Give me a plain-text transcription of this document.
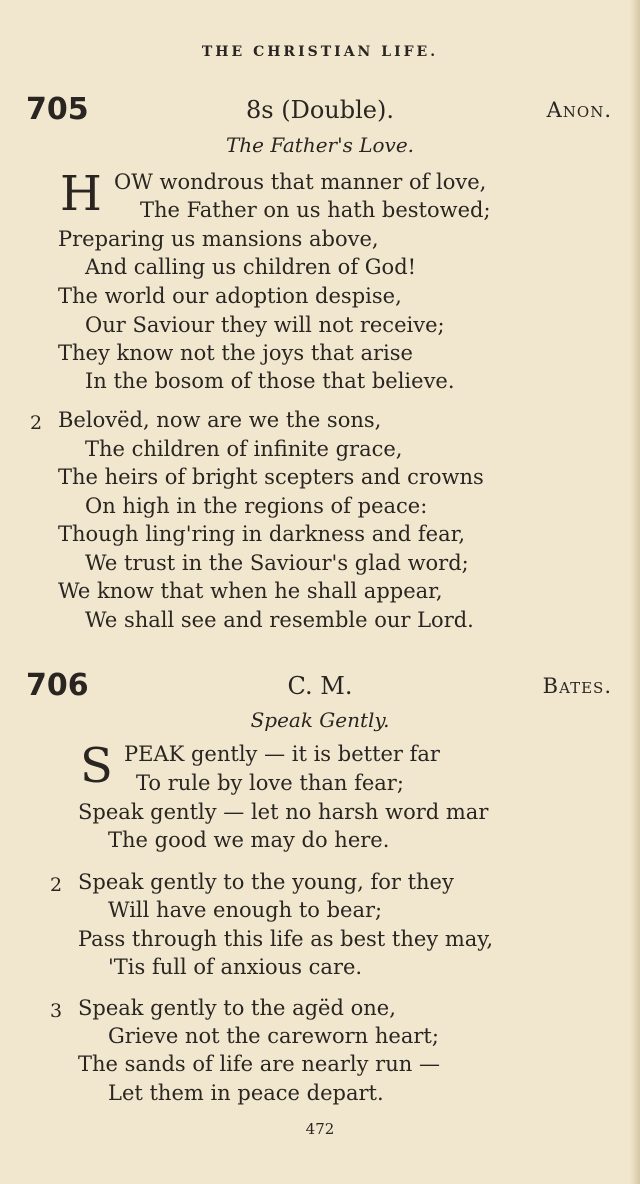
THE CHRISTIAN LIFE.
705	8s (Double).	Anon.
The Father's Love.
H OW wondrous that manner of love,
The Father on us hath bestowed;
Preparing us mansions above,
And calling us children of God!
The world our adoption despise,
Our Saviour they will not receive;
They know not the joys that arise
In the bosom of those that believe.
2 Belovëd, now are we the sons,
The children of infinite grace,
The heirs of bright scepters and crowns
On high in the regions of peace:
Though ling'ring in darkness and fear,
We trust in the Saviour's glad word;
We know that when he shall appear,
We shall see and resemble our Lord.
706	C. M.	Bates.
Speak Gently.
S PEAK gently — it is better far
To rule by love than fear;
Speak gently — let no harsh word mar
The good we may do here.
2 Speak gently to the young, for they
Will have enough to bear;
Pass through this life as best they may,
'Tis full of anxious care.
3 Speak gently to the agëd one,
Grieve not the careworn heart;
The sands of life are nearly run —
Let them in peace depart.
472
